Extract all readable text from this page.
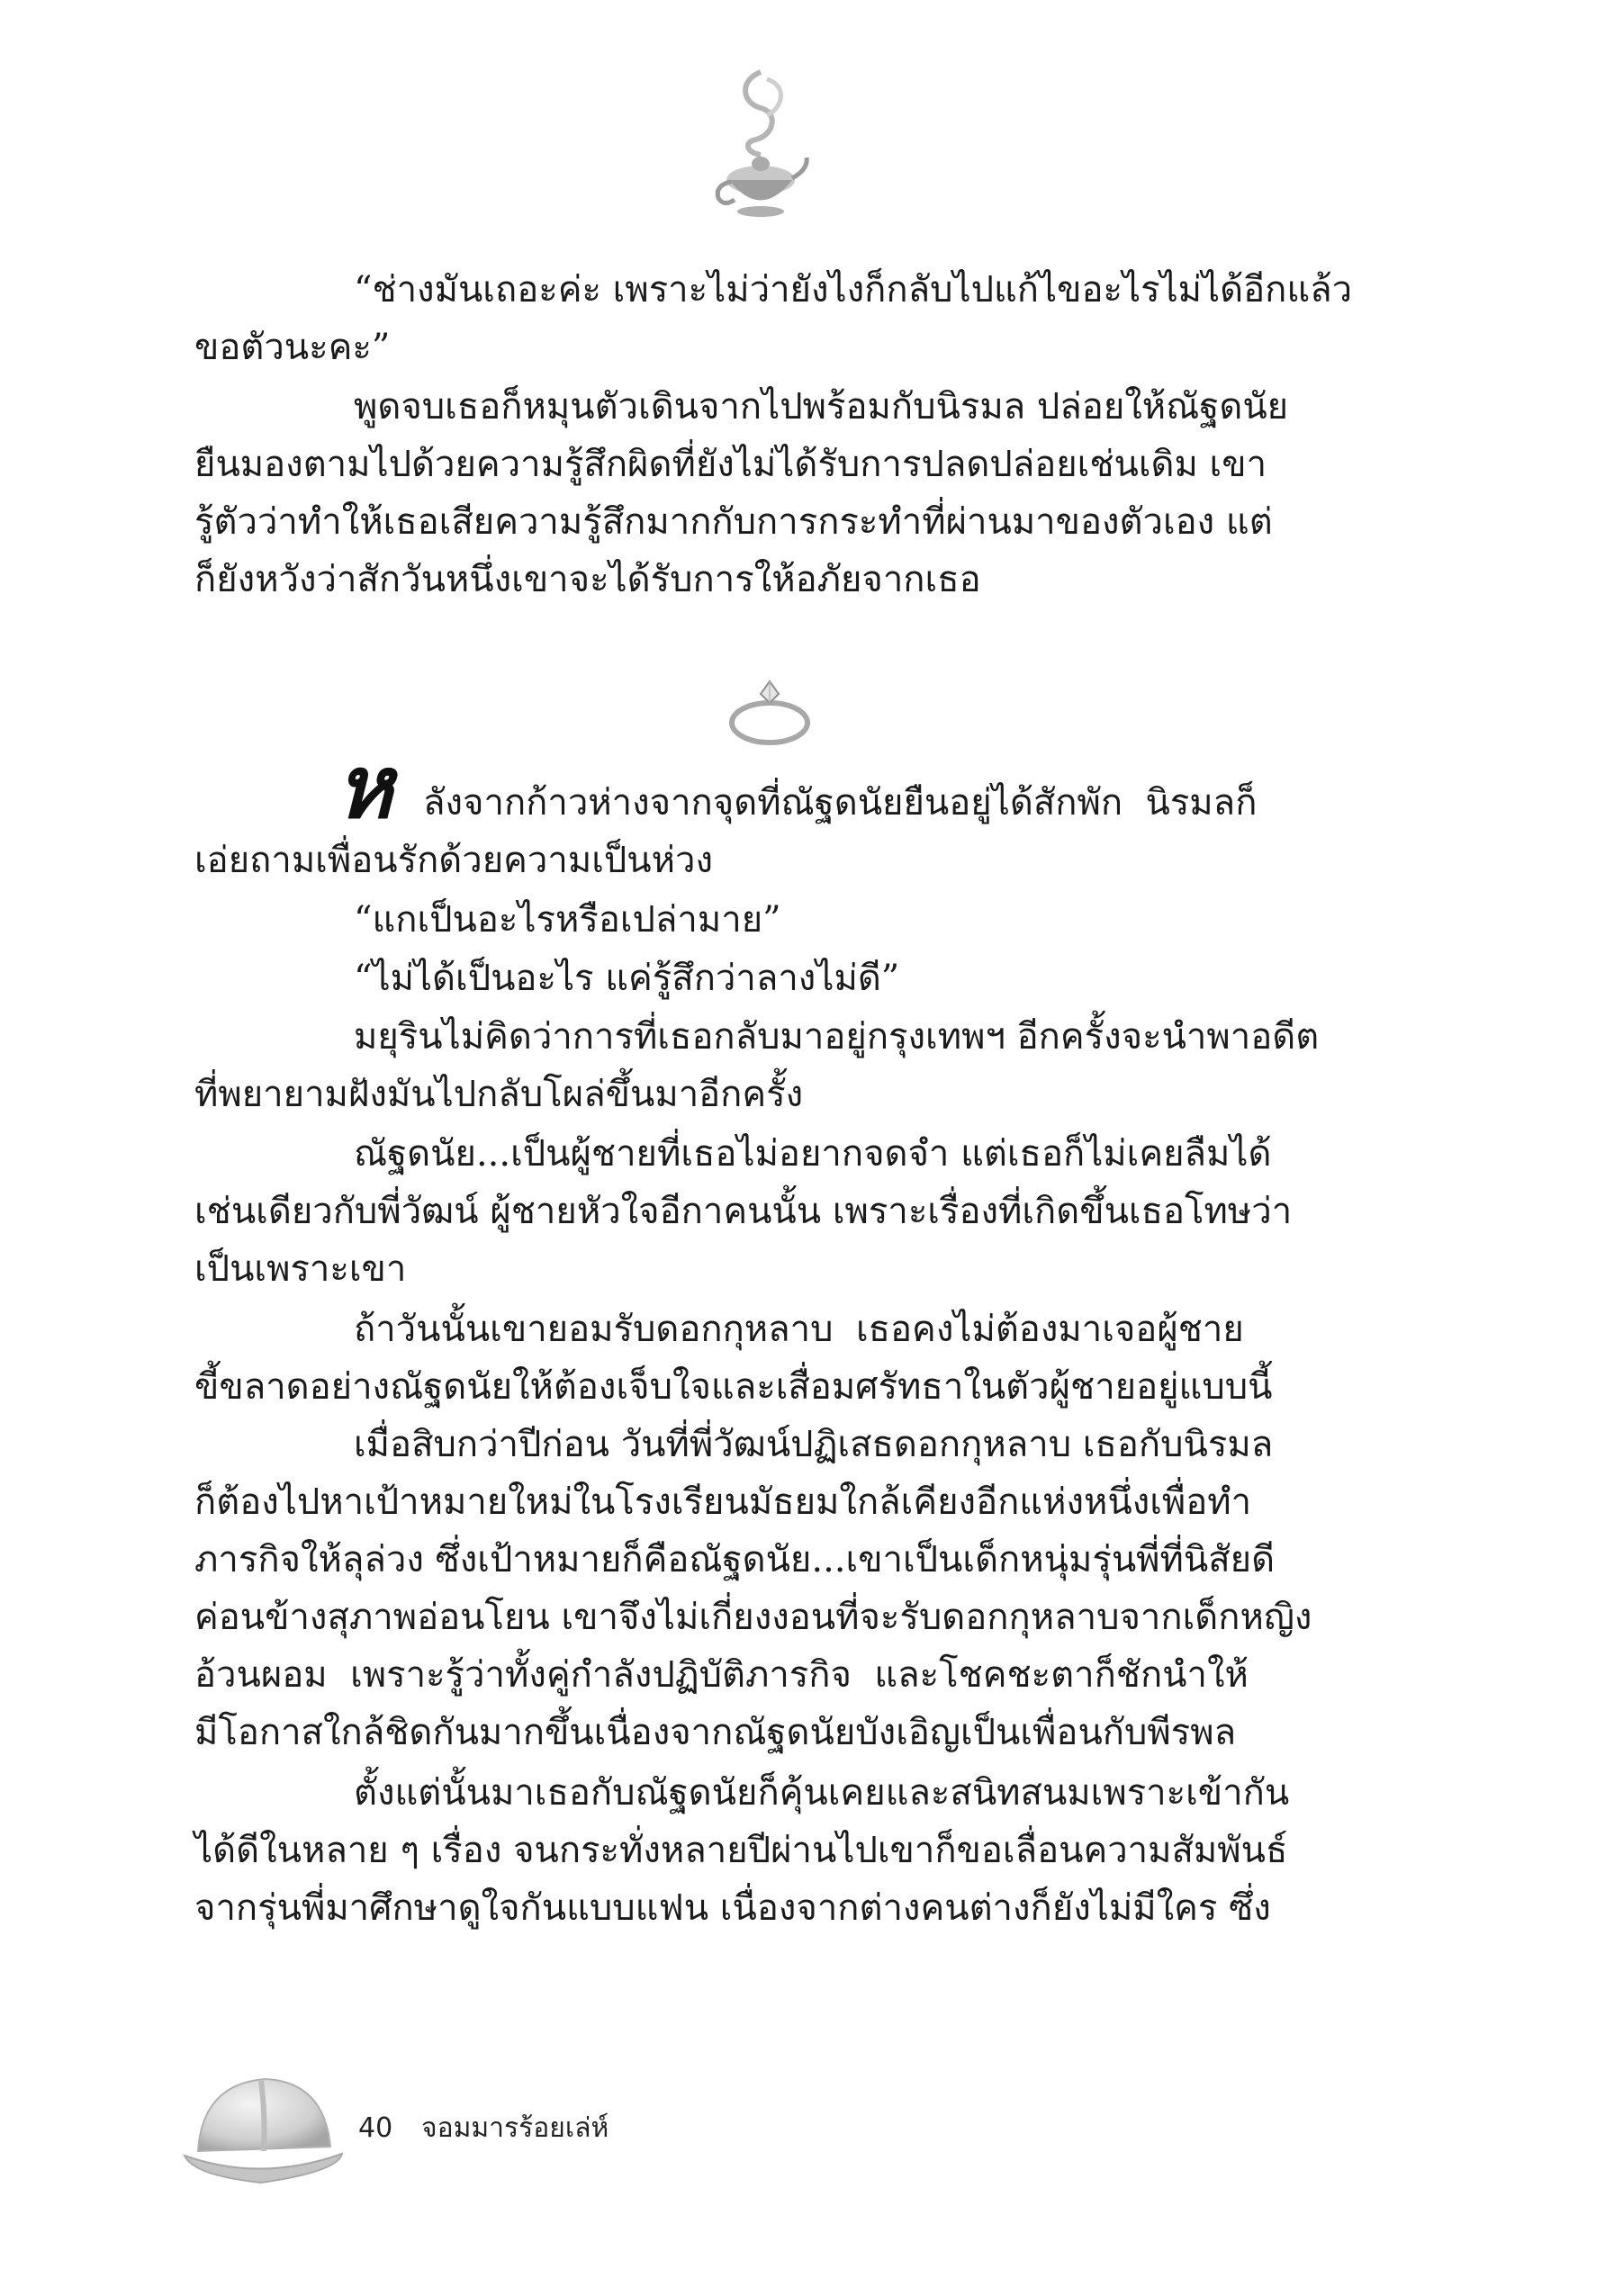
ห

“ช่างมันเถอะค่ะ เพราะไม่ว่ายังไงก็กลับไปแก้ไขอะไรไม่ได้อีกแล้ว

ขอตัวนะคะ”

พูดจบเธอก็หมุนตัวเดินจากไปพร้อมกับนิรมล ปล่อยให้ณัฐดนัย

ยืนมองตามไปด้วยความรู้สึกผิดที่ยังไม่ได้รับการปลดปล่อยเช่นเดิม เขา

รู้ตัวว่าทำให้เธอเสียความรู้สึกมากกับการกระทำที่ผ่านมาของตัวเอง แต่

ก็ยังหวังว่าสักวันหนึ่งเขาจะได้รับการให้อภัยจากเธอ

ลังจากก้าวห่างจากจุดที่ณัฐดนัยยืนอยู่ได้สักพัก  นิรมลก็

เอ่ยถามเพื่อนรักด้วยความเป็นห่วง

“แกเป็นอะไรหรือเปล่ามาย”

“ไม่ได้เป็นอะไร แค่รู้สึกว่าลางไม่ดี”

มยุรินไม่คิดว่าการที่เธอกลับมาอยู่กรุงเทพฯ อีกครั้งจะนำพาอดีต

ที่พยายามฝังมันไปกลับโผล่ขึ้นมาอีกครั้ง

ณัฐดนัย...เป็นผู้ชายที่เธอไม่อยากจดจำ แต่เธอก็ไม่เคยลืมได้

เช่นเดียวกับพี่วัฒน์ ผู้ชายหัวใจอีกาคนนั้น เพราะเรื่องที่เกิดขึ้นเธอโทษว่า

เป็นเพราะเขา

ถ้าวันนั้นเขายอมรับดอกกุหลาบ  เธอคงไม่ต้องมาเจอผู้ชาย

ขี้ขลาดอย่างณัฐดนัยให้ต้องเจ็บใจและเสื่อมศรัทธาในตัวผู้ชายอยู่แบบนี้

เมื่อสิบกว่าปีก่อน วันที่พี่วัฒน์ปฏิเสธดอกกุหลาบ เธอกับนิรมล

ก็ต้องไปหาเป้าหมายใหม่ในโรงเรียนมัธยมใกล้เคียงอีกแห่งหนึ่งเพื่อทำ

ภารกิจให้ลุล่วง ซึ่งเป้าหมายก็คือณัฐดนัย...เขาเป็นเด็กหนุ่มรุ่นพี่ที่นิสัยดี

ค่อนข้างสุภาพอ่อนโยน เขาจึงไม่เกี่ยงงอนที่จะรับดอกกุหลาบจากเด็กหญิง

อ้วนผอม  เพราะรู้ว่าทั้งคู่กำลังปฏิบัติภารกิจ  และโชคชะตาก็ชักนำให้

มีโอกาสใกล้ชิดกันมากขึ้นเนื่องจากณัฐดนัยบังเอิญเป็นเพื่อนกับพีรพล

ตั้งแต่นั้นมาเธอกับณัฐดนัยก็คุ้นเคยและสนิทสนมเพราะเข้ากัน

ได้ดีในหลาย ๆ เรื่อง จนกระทั่งหลายปีผ่านไปเขาก็ขอเลื่อนความสัมพันธ์

จากรุ่นพี่มาศึกษาดูใจกันแบบแฟน เนื่องจากต่างคนต่างก็ยังไม่มีใคร ซึ่ง

40 จอมมารร้อยเล่ห์
